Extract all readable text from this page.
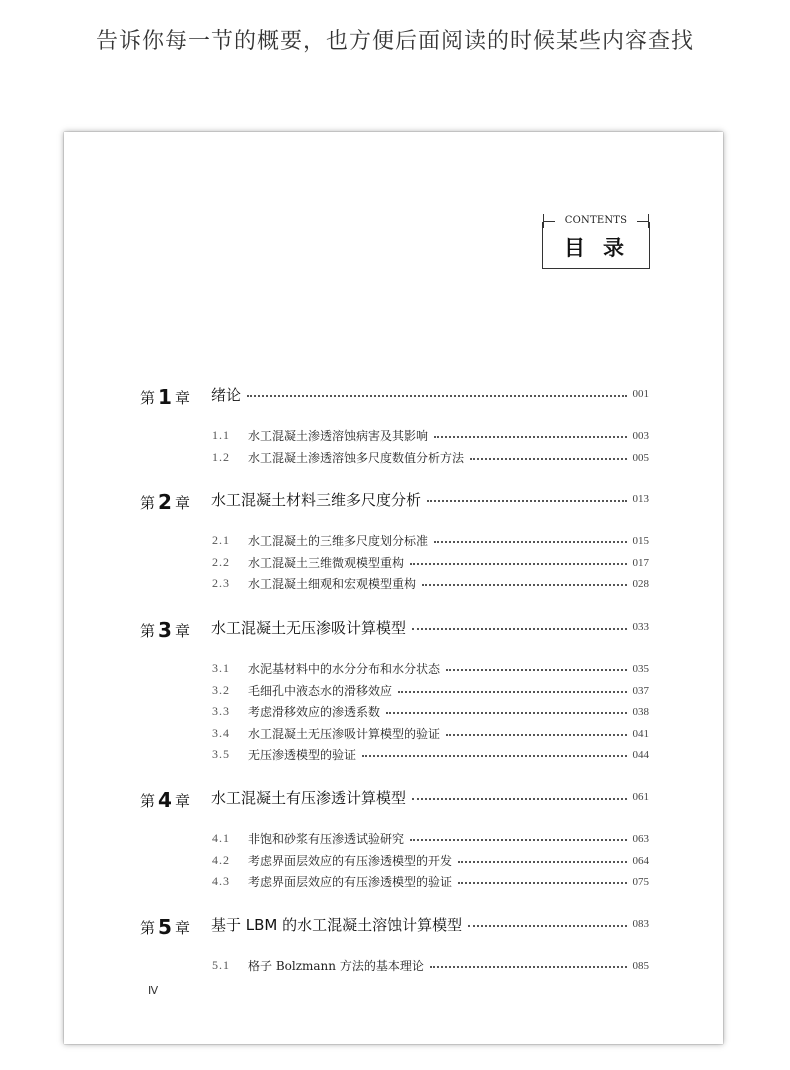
告诉你每一节的概要，也方便后面阅读的时候某些内容查找
CONTENTS
目录
第 1 章 绪论	001
1.1 水工混凝土渗透溶蚀病害及其影响	003
1.2 水工混凝土渗透溶蚀多尺度数值分析方法	005
第 2 章 水工混凝土材料三维多尺度分析	013
2.1 水工混凝土的三维多尺度划分标准	015
2.2 水工混凝土三维微观模型重构	017
2.3 水工混凝土细观和宏观模型重构	028
第 3 章 水工混凝土无压渗吸计算模型	033
3.1 水泥基材料中的水分分布和水分状态	035
3.2 毛细孔中液态水的滑移效应	037
3.3 考虑滑移效应的渗透系数	038
3.4 水工混凝土无压渗吸计算模型的验证	041
3.5 无压渗透模型的验证	044
第 4 章 水工混凝土有压渗透计算模型	061
4.1 非饱和砂浆有压渗透试验研究	063
4.2 考虑界面层效应的有压渗透模型的开发	064
4.3 考虑界面层效应的有压渗透模型的验证	075
第 5 章 基于 LBM 的水工混凝土溶蚀计算模型	083
5.1 格子 Bolzmann 方法的基本理论	085
Ⅳ
